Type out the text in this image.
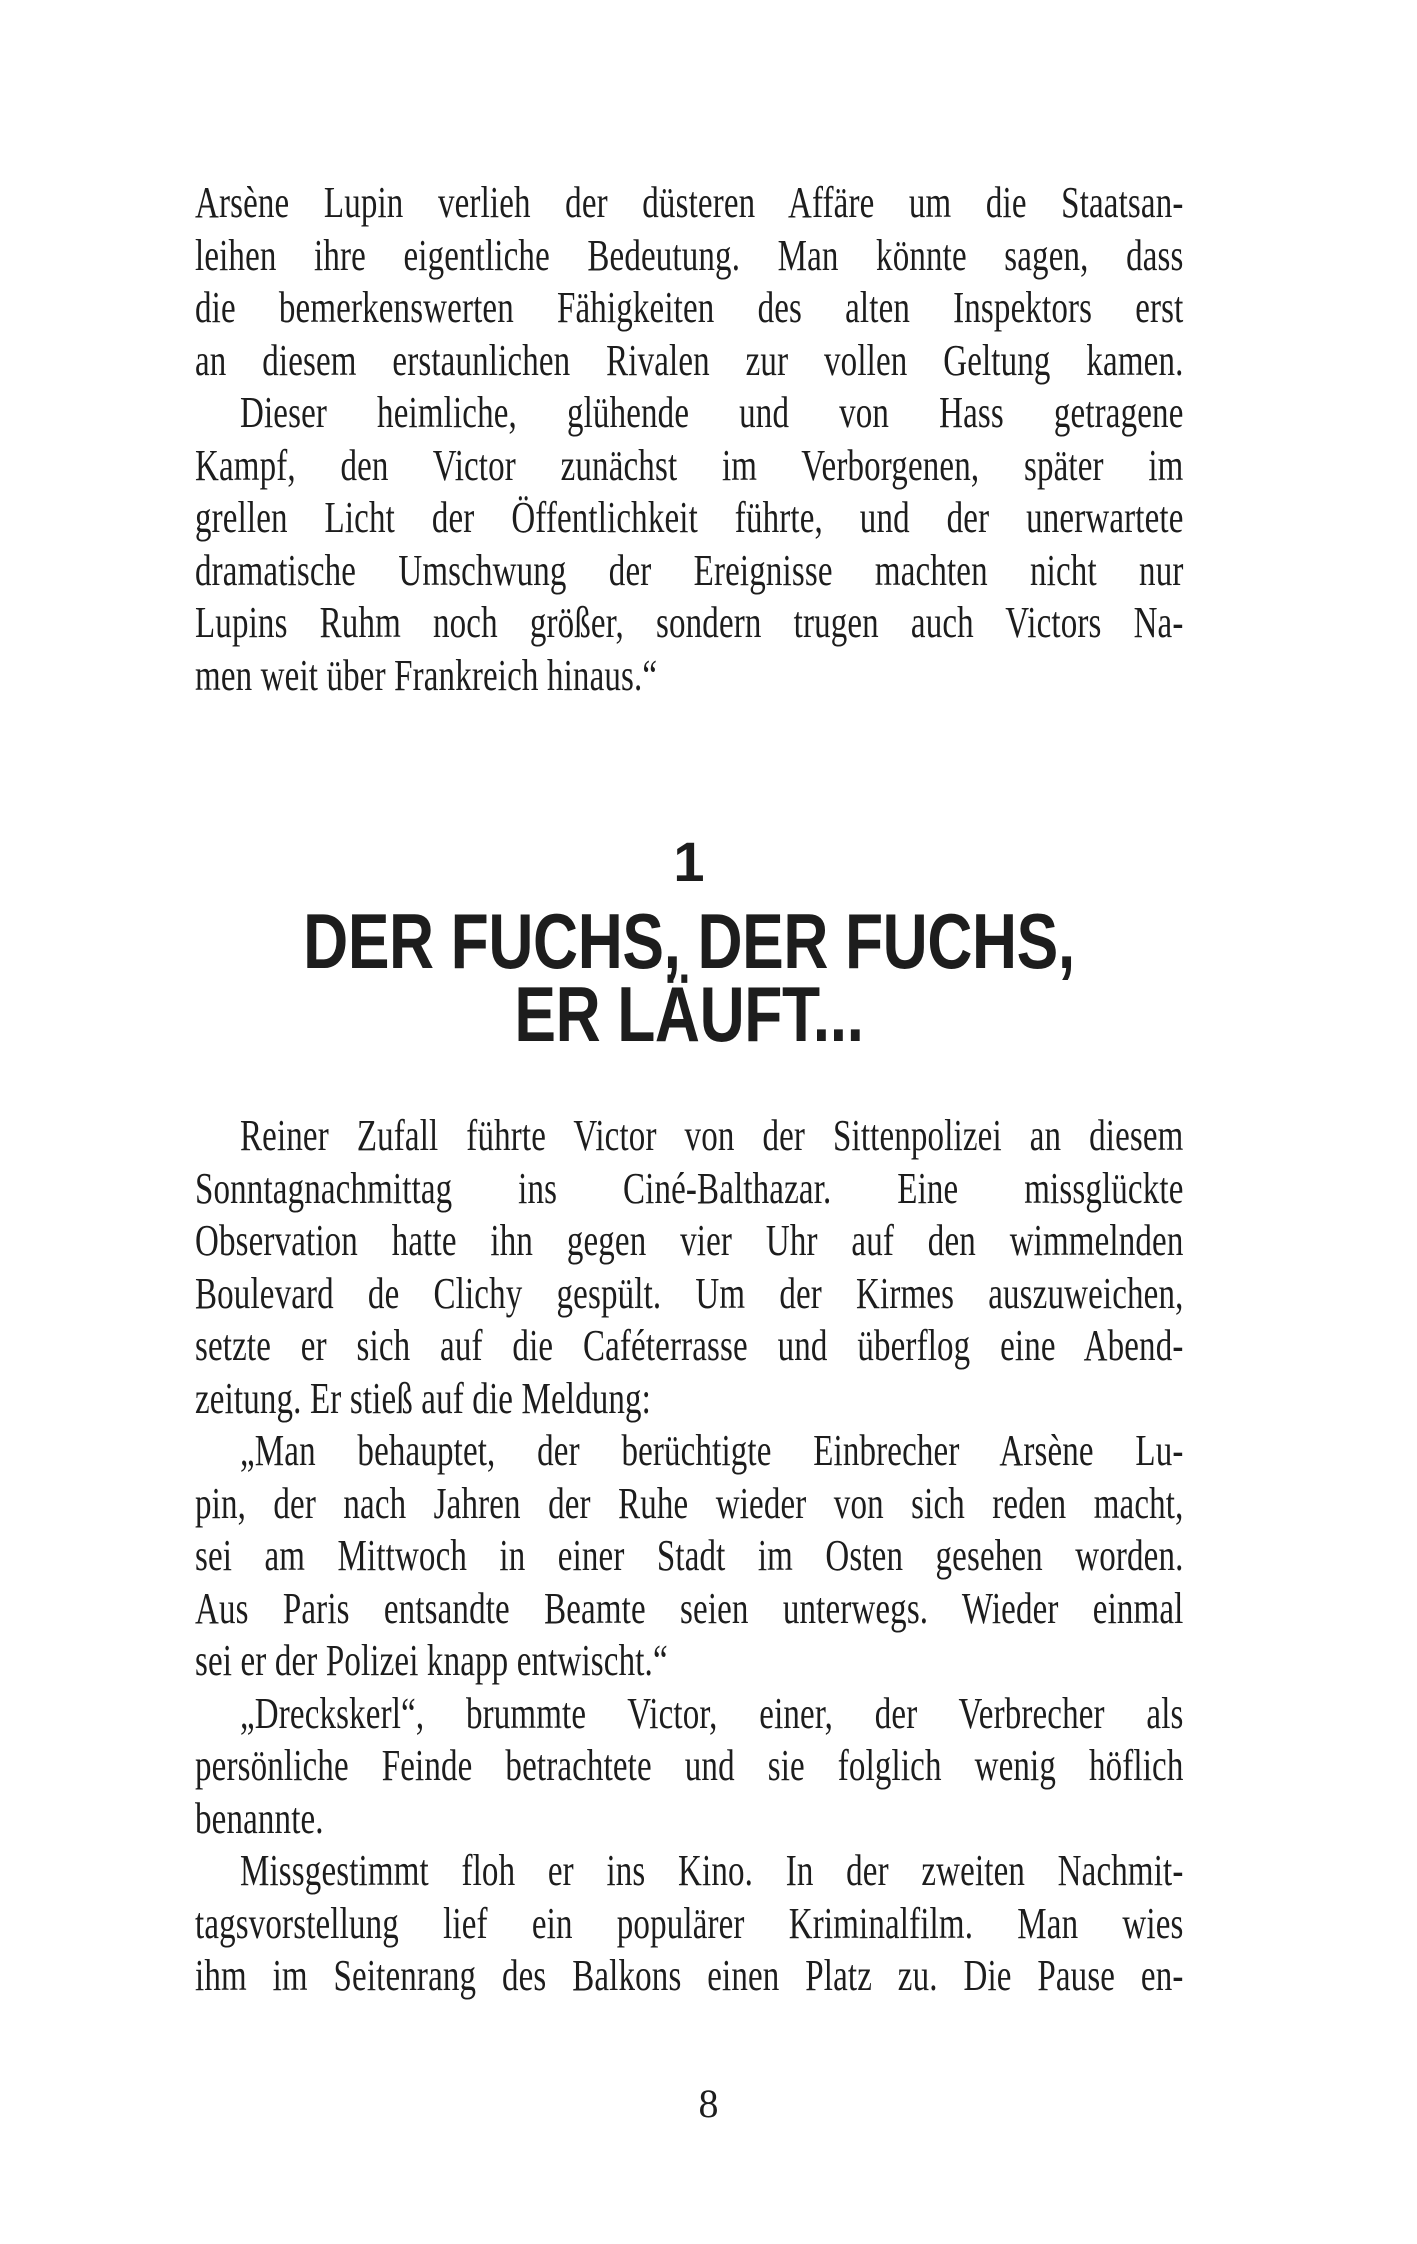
Arsène Lupin verlieh der düsteren Affäre um die Staatsan-
leihen ihre eigentliche Bedeutung. Man könnte sagen, dass
die bemerkenswerten Fähigkeiten des alten Inspektors erst
an diesem erstaunlichen Rivalen zur vollen Geltung kamen.
Dieser heimliche, glühende und von Hass getragene
Kampf, den Victor zunächst im Verborgenen, später im
grellen Licht der Öffentlichkeit führte, und der unerwartete
dramatische Umschwung der Ereignisse machten nicht nur
Lupins Ruhm noch größer, sondern trugen auch Victors Na-
men weit über Frankreich hinaus.“
1
DER FUCHS, DER FUCHS,
ER LÄUFT...
Reiner Zufall führte Victor von der Sittenpolizei an diesem
Sonntagnachmittag ins Ciné-Balthazar. Eine missglückte
Observation hatte ihn gegen vier Uhr auf den wimmelnden
Boulevard de Clichy gespült. Um der Kirmes auszuweichen,
setzte er sich auf die Caféterrasse und überflog eine Abend-
zeitung. Er stieß auf die Meldung:
„Man behauptet, der berüchtigte Einbrecher Arsène Lu-
pin, der nach Jahren der Ruhe wieder von sich reden macht,
sei am Mittwoch in einer Stadt im Osten gesehen worden.
Aus Paris entsandte Beamte seien unterwegs. Wieder einmal
sei er der Polizei knapp entwischt.“
„Dreckskerl“, brummte Victor, einer, der Verbrecher als
persönliche Feinde betrachtete und sie folglich wenig höflich
benannte.
Missgestimmt floh er ins Kino. In der zweiten Nachmit-
tagsvorstellung lief ein populärer Kriminalfilm. Man wies
ihm im Seitenrang des Balkons einen Platz zu. Die Pause en-
8
